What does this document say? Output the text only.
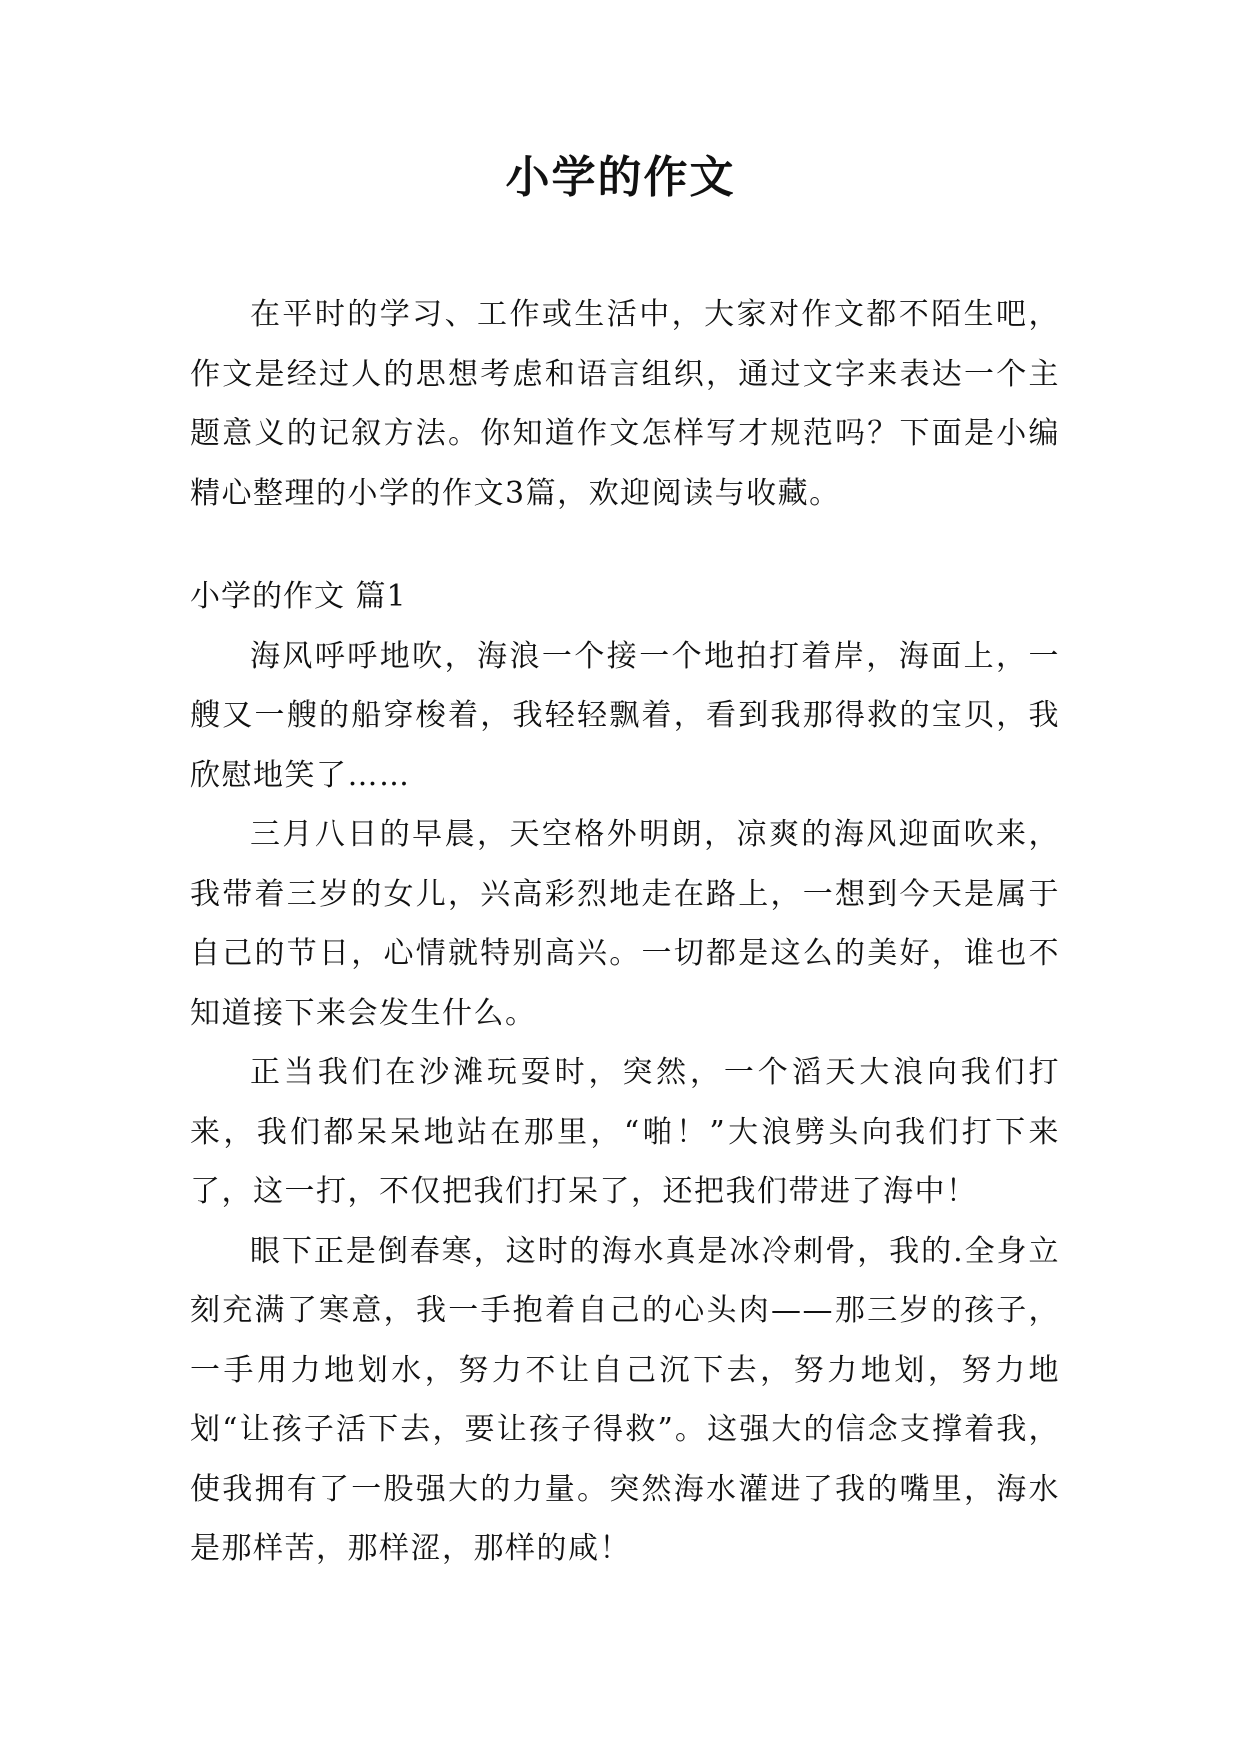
小学的作文

在平时的学习、工作或生活中，大家对作文都不陌生吧，作文是经过人的思想考虑和语言组织，通过文字来表达一个主题意义的记叙方法。你知道作文怎样写才规范吗？下面是小编精心整理的小学的作文3篇，欢迎阅读与收藏。

小学的作文 篇1

海风呼呼地吹，海浪一个接一个地拍打着岸，海面上，一艘又一艘的船穿梭着，我轻轻飘着，看到我那得救的宝贝，我欣慰地笑了……

三月八日的早晨，天空格外明朗，凉爽的海风迎面吹来，我带着三岁的女儿，兴高彩烈地走在路上，一想到今天是属于自己的节日，心情就特别高兴。一切都是这么的美好，谁也不知道接下来会发生什么。

正当我们在沙滩玩耍时，突然，一个滔天大浪向我们打来，我们都呆呆地站在那里，“啪！”大浪劈头向我们打下来了，这一打，不仅把我们打呆了，还把我们带进了海中！

眼下正是倒春寒，这时的海水真是冰冷刺骨，我的.全身立刻充满了寒意，我一手抱着自己的心头肉——那三岁的孩子，一手用力地划水，努力不让自己沉下去，努力地划，努力地划“让孩子活下去，要让孩子得救”。这强大的信念支撑着我，使我拥有了一股强大的力量。突然海水灌进了我的嘴里，海水是那样苦，那样涩，那样的咸！
